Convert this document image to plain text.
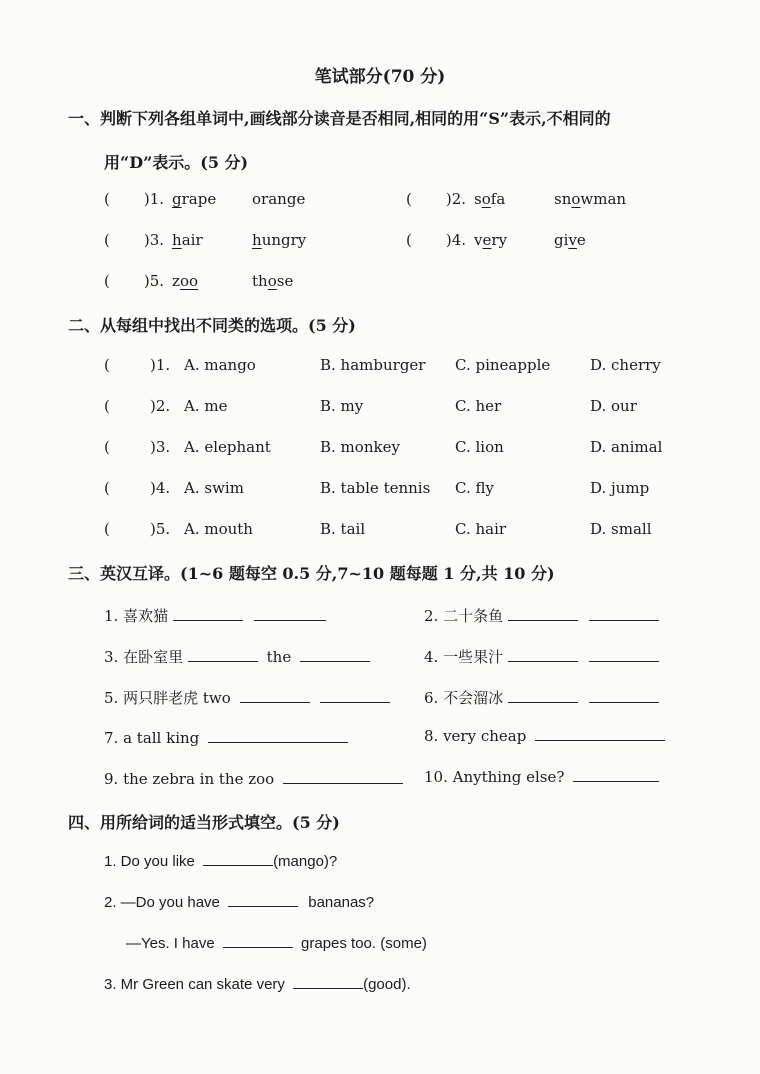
笔试部分(70 分)
一、判断下列各组单词中,画线部分读音是否相同,相同的用“S”表示,不相同的
用“D”表示。(5 分)
( )1. grape orange	( )2. sofa	snowman
( )3. hair	hungry	( )4. very	give
( )5. zoo	those
二、从每组中找出不同类的选项。(5 分)
(	)1. A. mango	B. hamburger C. pineapple	D. cherry
(	)2. A. me	B. my	C. her	D. our
(	)3. A. elephant	B. monkey	C. lion	D. animal
(	)4. A. swim	B. table tennis C. fly	D. jump
(	)5. A. mouth	B. tail	C. hair	D. small
三、英汉互译。(1~6 题每空 0.5 分,7~10 题每题 1 分,共 10 分)
1. 喜欢猫	2. 二十条鱼
3. 在卧室里	the	4. 一些果汁
5. 两只胖老虎 two	6. 不会溜冰
7. a tall king	8. very cheap
9. the zebra in the zoo	10. Anything else?
四、用所给词的适当形式填空。(5 分)
1. Do you like	(mango)?
2. —Do you have	bananas?
—Yes. I have	grapes too. (some)
3. Mr Green can skate very	(good).
